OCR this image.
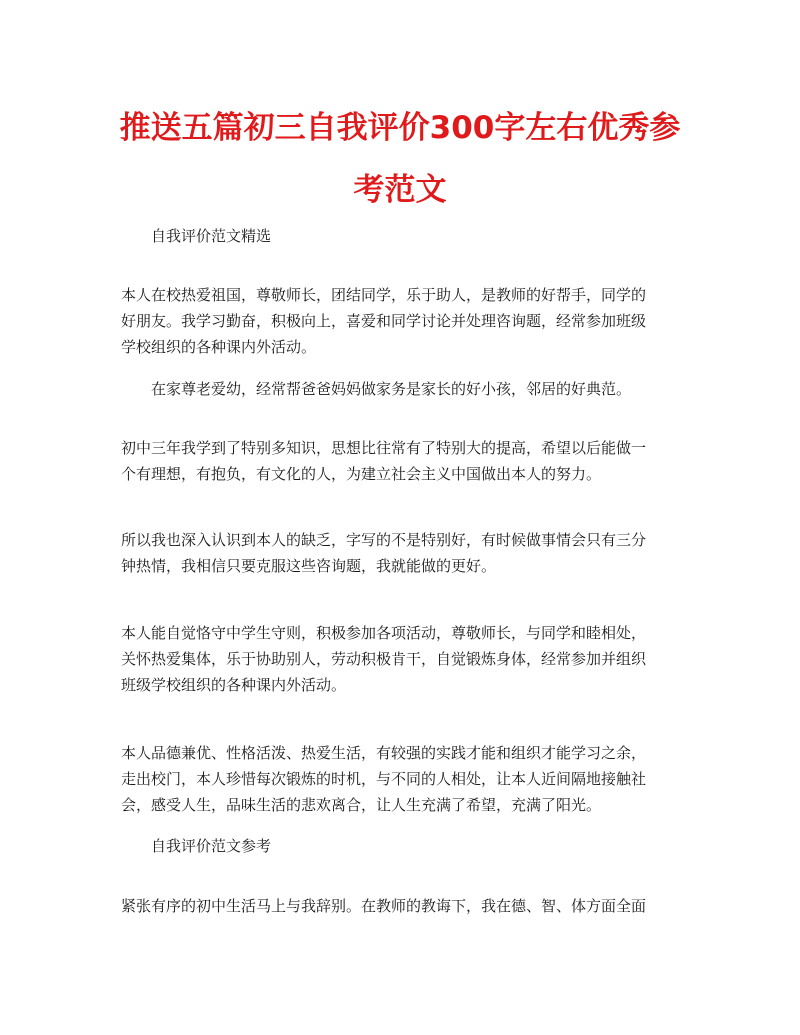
推送五篇初三自我评价300字左右优秀参
考范文
自我评价范文精选
本人在校热爱祖国，尊敬师长，团结同学，乐于助人，是教师的好帮手，同学的
好朋友。我学习勤奋，积极向上，喜爱和同学讨论并处理咨询题，经常参加班级
学校组织的各种课内外活动。
在家尊老爱幼，经常帮爸爸妈妈做家务是家长的好小孩，邻居的好典范。
初中三年我学到了特别多知识，思想比往常有了特别大的提高，希望以后能做一
个有理想，有抱负，有文化的人，为建立社会主义中国做出本人的努力。
所以我也深入认识到本人的缺乏，字写的不是特别好，有时候做事情会只有三分
钟热情，我相信只要克服这些咨询题，我就能做的更好。
本人能自觉恪守中学生守则，积极参加各项活动，尊敬师长，与同学和睦相处，
关怀热爱集体，乐于协助别人，劳动积极肯干，自觉锻炼身体，经常参加并组织
班级学校组织的各种课内外活动。
本人品德兼优、性格活泼、热爱生活，有较强的实践才能和组织才能学习之余，
走出校门，本人珍惜每次锻炼的时机，与不同的人相处，让本人近间隔地接触社
会，感受人生，品味生活的悲欢离合，让人生充满了希望，充满了阳光。
自我评价范文参考
紧张有序的初中生活马上与我辞别。在教师的教诲下，我在德、智、体方面全面
